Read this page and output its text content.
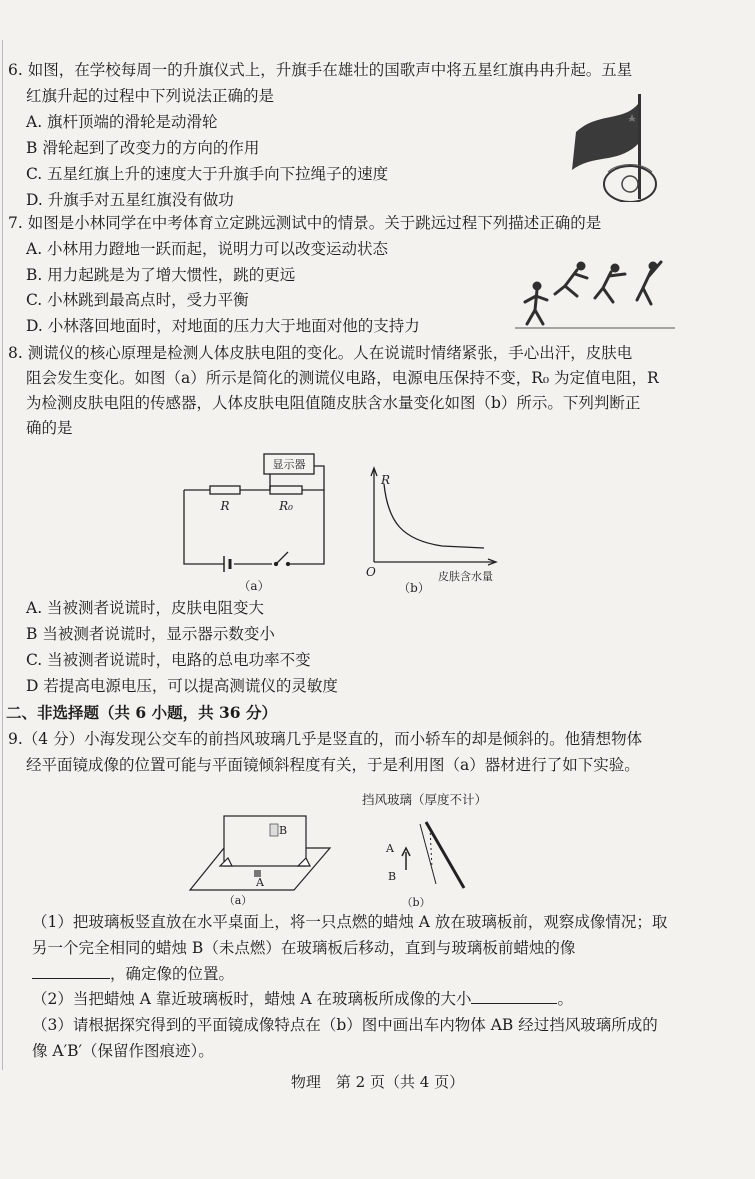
6. 如图，在学校每周一的升旗仪式上，升旗手在雄壮的国歌声中将五星红旗冉冉升起。五星
红旗升起的过程中下列说法正确的是
A. 旗杆顶端的滑轮是动滑轮
B 滑轮起到了改变力的方向的作用
C. 五星红旗上升的速度大于升旗手向下拉绳子的速度
D. 升旗手对五星红旗没有做功
7. 如图是小林同学在中考体育立定跳远测试中的情景。关于跳远过程下列描述正确的是
A. 小林用力蹬地一跃而起，说明力可以改变运动状态
B. 用力起跳是为了增大惯性，跳的更远
C. 小林跳到最高点时，受力平衡
D. 小林落回地面时，对地面的压力大于地面对他的支持力
8. 测谎仪的核心原理是检测人体皮肤电阻的变化。人在说谎时情绪紧张，手心出汗，皮肤电
阻会发生变化。如图（a）所示是简化的测谎仪电路，电源电压保持不变，R₀ 为定值电阻，R
为检测皮肤电阻的传感器，人体皮肤电阻值随皮肤含水量变化如图（b）所示。下列判断正
确的是
显示器
R	R₀
（a）
R
O	皮肤含水量
（b）
A. 当被测者说谎时，皮肤电阻变大
B 当被测者说谎时，显示器示数变小
C. 当被测者说谎时，电路的总电功率不变
D 若提高电源电压，可以提高测谎仪的灵敏度
二、非选择题（共 6 小题，共 36 分）
9.（4 分）小海发现公交车的前挡风玻璃几乎是竖直的，而小轿车的却是倾斜的。他猜想物体
经平面镜成像的位置可能与平面镜倾斜程度有关，于是利用图（a）器材进行了如下实验。
挡风玻璃（厚度不计）
B
A
（a）
A
B
（b）
（1）把玻璃板竖直放在水平桌面上，将一只点燃的蜡烛 A 放在玻璃板前，观察成像情况；取
另一个完全相同的蜡烛 B（未点燃）在玻璃板后移动，直到与玻璃板前蜡烛的像
，确定像的位置。
（2）当把蜡烛 A 靠近玻璃板时，蜡烛 A 在玻璃板所成像的大小	。
（3）请根据探究得到的平面镜成像特点在（b）图中画出车内物体 AB 经过挡风玻璃所成的
像 A′B′（保留作图痕迹）。
物理　第 2 页（共 4 页）
